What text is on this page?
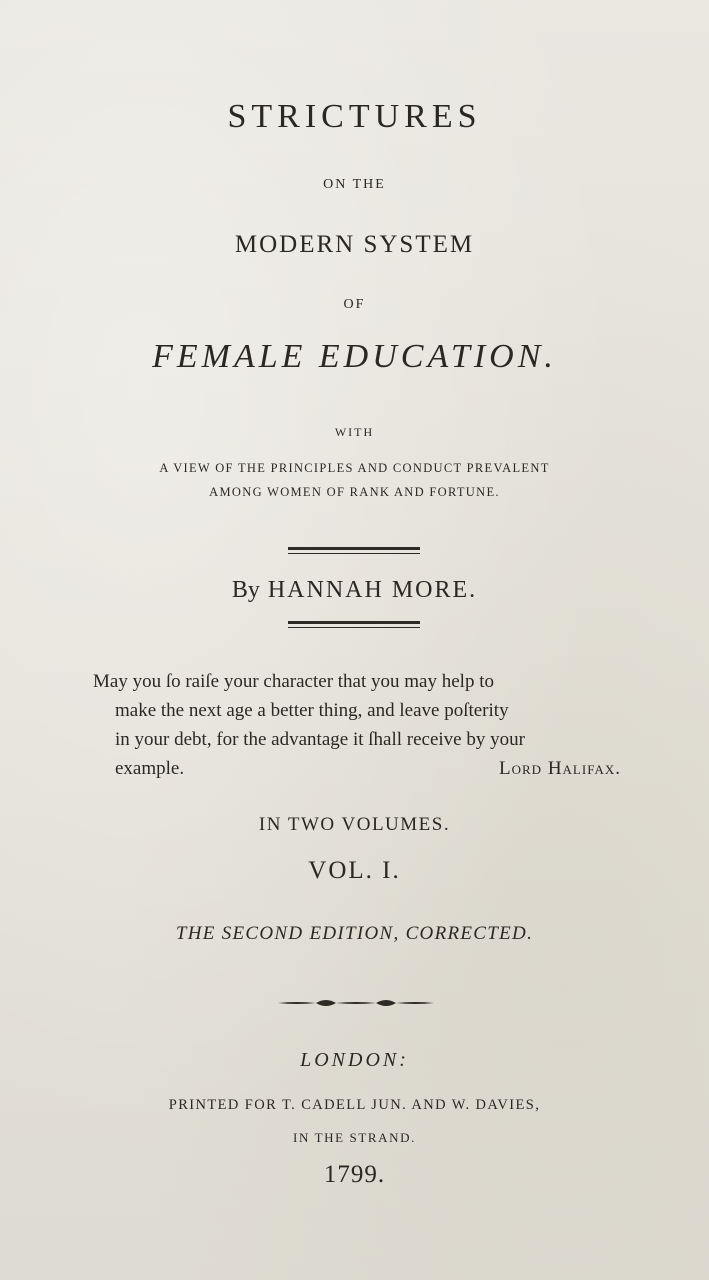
STRICTURES
ON THE
MODERN SYSTEM
OF
FEMALE EDUCATION.
WITH
A VIEW OF THE PRINCIPLES AND CONDUCT PREVALENT
AMONG WOMEN OF RANK AND FORTUNE.
By HANNAH MORE.
May you ſo raiſe your character that you may help to
make the next age a better thing, and leave poſterity
in your debt, for the advantage it ſhall receive by your
example.	Lord Halifax.
IN TWO VOLUMES.
VOL. I.
THE SECOND EDITION, CORRECTED.
LONDON:
PRINTED FOR T. CADELL JUN. AND W. DAVIES,
IN THE STRAND.
1799.
